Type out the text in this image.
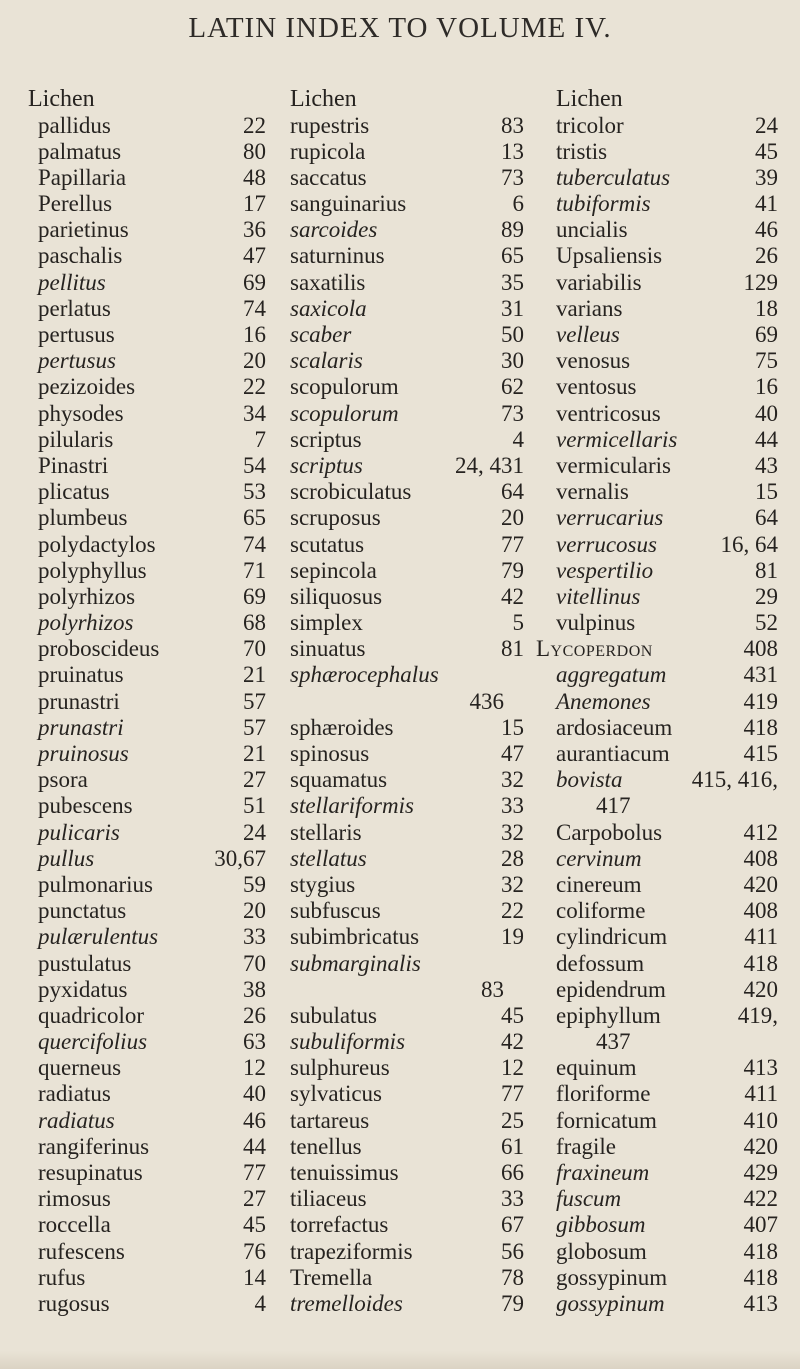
LATIN INDEX TO VOLUME IV.
Lichen
pallidus	22
palmatus	80
Papillaria	48
Perellus	17
parietinus	36
paschalis	47
pellitus	69
perlatus	74
pertusus	16
pertusus	20
pezizoides	22
physodes	34
pilularis	7
Pinastri	54
plicatus	53
plumbeus	65
polydactylos	74
polyphyllus	71
polyrhizos	69
polyrhizos	68
proboscideus	70
pruinatus	21
prunastri	57
prunastri	57
pruinosus	21
psora	27
pubescens	51
pulicaris	24
pullus	30,67
pulmonarius	59
punctatus	20
pulærulentus	33
pustulatus	70
pyxidatus	38
quadricolor	26
quercifolius	63
querneus	12
radiatus	40
radiatus	46
rangiferinus	44
resupinatus	77
rimosus	27
roccella	45
rufescens	76
rufus	14
rugosus	4
Lichen
rupestris	83
rupicola	13
saccatus	73
sanguinarius	6
sarcoides	89
saturninus	65
saxatilis	35
saxicola	31
scaber	50
scalaris	30
scopulorum	62
scopulorum	73
scriptus	4
scriptus	24, 431
scrobiculatus	64
scruposus	20
scutatus	77
sepincola	79
siliquosus	42
simplex	5
sinuatus	81
sphærocephalus
436
sphæroides	15
spinosus	47
squamatus	32
stellariformis	33
stellaris	32
stellatus	28
stygius	32
subfuscus	22
subimbricatus	19
submarginalis
83
subulatus	45
subuliformis	42
sulphureus	12
sylvaticus	77
tartareus	25
tenellus	61
tenuissimus	66
tiliaceus	33
torrefactus	67
trapeziformis	56
Tremella	78
tremelloides	79
Lichen
tricolor	24
tristis	45
tuberculatus	39
tubiformis	41
uncialis	46
Upsaliensis	26
variabilis	129
varians	18
velleus	69
venosus	75
ventosus	16
ventricosus	40
vermicellaris	44
vermicularis	43
vernalis	15
verrucarius	64
verrucosus	16, 64
vespertilio	81
vitellinus	29
vulpinus	52
Lycoperdon	408
aggregatum	431
Anemones	419
ardosiaceum	418
aurantiacum	415
bovista	415, 416,
417
Carpobolus	412
cervinum	408
cinereum	420
coliforme	408
cylindricum	411
defossum	418
epidendrum	420
epiphyllum	419,
437
equinum	413
floriforme	411
fornicatum	410
fragile	420
fraxineum	429
fuscum	422
gibbosum	407
globosum	418
gossypinum	418
gossypinum	413
